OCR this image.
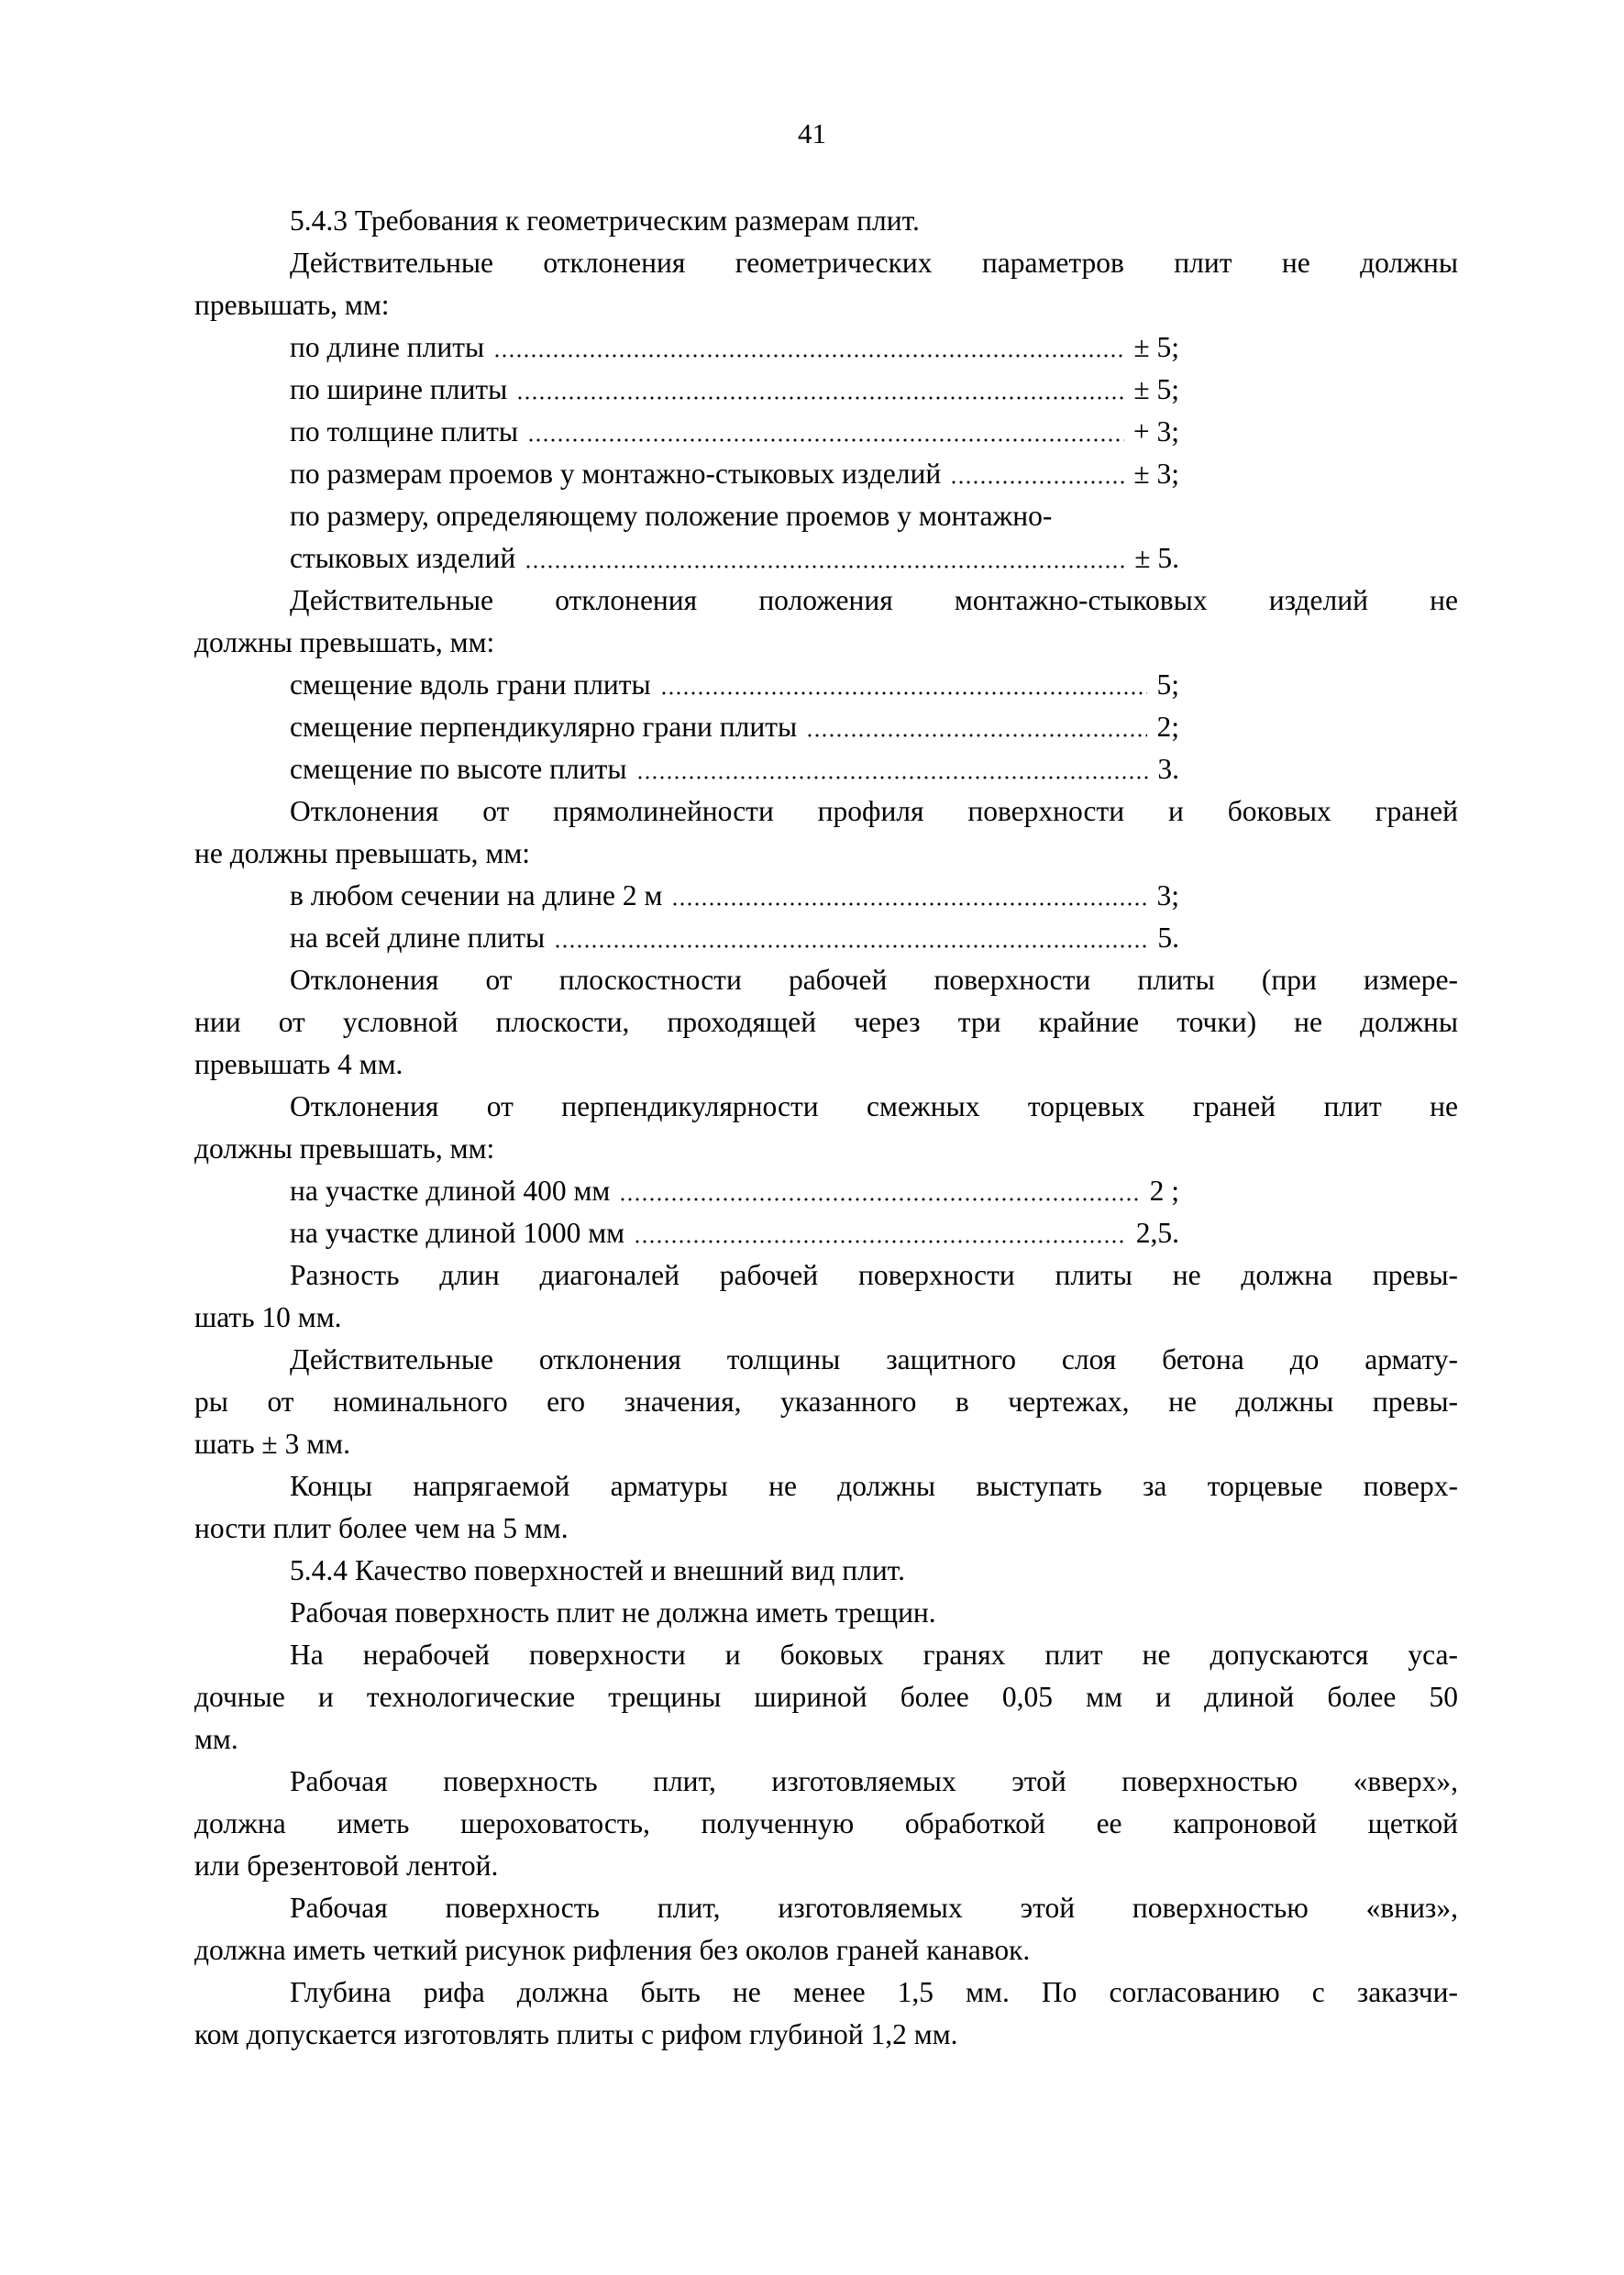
41
5.4.3 Требования к геометрическим размерам плит.
Действительные отклонения геометрических параметров плит не должны
превышать, мм:
по длине плиты	± 5;
по ширине плиты	± 5;
по толщине плиты	+ 3;
по размерам проемов у монтажно-стыковых изделий	± 3;
по размеру, определяющему положение проемов у монтажно-
стыковых изделий	± 5.
Действительные отклонения положения монтажно-стыковых изделий не
должны превышать, мм:
смещение вдоль грани плиты	5;
смещение перпендикулярно грани плиты	2;
смещение по высоте плиты	3.
Отклонения от прямолинейности профиля поверхности и боковых граней
не должны превышать, мм:
в любом сечении на длине 2 м	3;
на всей длине плиты	5.
Отклонения от плоскостности рабочей поверхности плиты (при измере-
нии от условной плоскости, проходящей через три крайние точки) не должны
превышать 4 мм.
Отклонения от перпендикулярности смежных торцевых граней плит не
должны превышать, мм:
на участке длиной 400 мм	2 ;
на участке длиной 1000 мм	2,5.
Разность длин диагоналей рабочей поверхности плиты не должна превы-
шать 10 мм.
Действительные отклонения толщины защитного слоя бетона до армату-
ры от номинального его значения, указанного в чертежах, не должны превы-
шать ± 3 мм.
Концы напрягаемой арматуры не должны выступать за торцевые поверх-
ности плит более чем на 5 мм.
5.4.4 Качество поверхностей и внешний вид плит.
Рабочая поверхность плит не должна иметь трещин.
На нерабочей поверхности и боковых гранях плит не допускаются уса-
дочные и технологические трещины шириной более 0,05 мм и длиной более 50
мм.
Рабочая поверхность плит, изготовляемых этой поверхностью «вверх»,
должна иметь шероховатость, полученную обработкой ее капроновой щеткой
или брезентовой лентой.
Рабочая поверхность плит, изготовляемых этой поверхностью «вниз»,
должна иметь четкий рисунок рифления без околов граней канавок.
Глубина рифа должна быть не менее 1,5 мм. По согласованию с заказчи-
ком допускается изготовлять плиты с рифом глубиной 1,2 мм.
